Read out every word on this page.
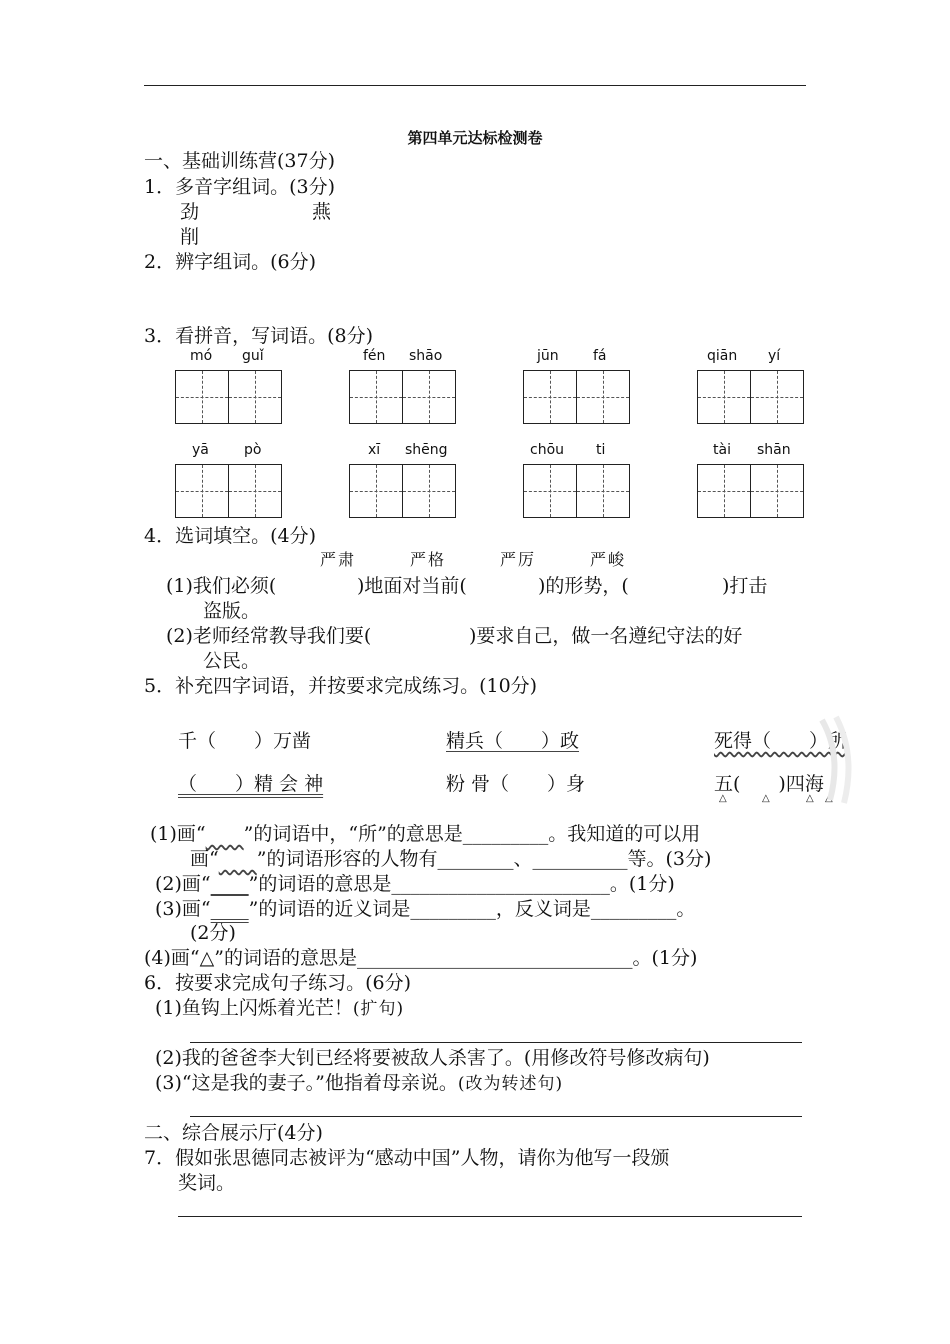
第四单元达标检测卷
一、基础训练营(37分)
1．多音字组词。(3分)
劲	燕
削
2．辨字组词。(6分)
3．看拼音，写词语。(8分)
mó guǐ	fén shāo	jūn fá	qiān yí
yā	pò	xī shēng	chōu ti	tài shān
4．选词填空。(4分)
严肃	严格	严厉	严峻
(1)我们必须(	)地面对当前(	)的形势，(	)打击
盗版。
(2)老师经常教导我们要(	)要求自己，做一名遵纪守法的好
公民。
5．补充四字词语，并按要求完成练习。(10分)
千（　　）万凿	精兵（　　）政	死得（　　）所
（　　）精 会 神	粉 骨（　　）身	五(　　)四海
△	△	△ △
(1)画“　　 ”的词语中，“所”的意思是_________。我知道的可以用
画“　　 ”的词语形容的人物有________、__________等。(3分)
(2)画“　　 ”的词语的意思是_______________________。(1分)
(3)画“　　 ”的词语的近义词是_________，反义词是_________。
(2分)
(4)画“△”的词语的意思是_____________________________。(1分)
6．按要求完成句子练习。(6分)
(1)鱼钩上闪烁着光芒！(扩句)
(2)我的爸爸李大钊已经将要被敌人杀害了。(用修改符号修改病句)
(3)“这是我的妻子。”他指着母亲说。(改为转述句)
二、综合展示厅(4分)
7．假如张思德同志被评为“感动中国”人物，请你为他写一段颁
奖词。
